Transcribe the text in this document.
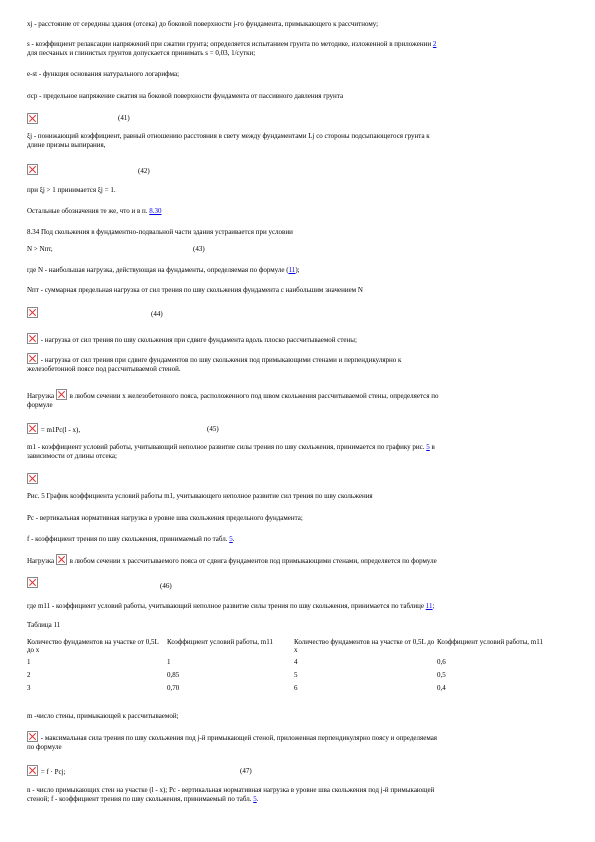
xj - расстояние от середины здания (отсека) до боковой поверхности j-го фундамента, примыкающего к рассчитному;

s - коэффициент релаксации напряжений при сжатии грунта; определяется испытанием грунта по методике, изложенной в приложении 2
для песчаных и глинистых грунтов допускается принимать s = 0,03, 1/сутки;

e-st - функция основания натурального логарифма;

σср - предельное напряжение сжатия на боковой поверхности фундамента от пассивного давления грунта

(41)

ξj - понижающий коэффициент, равный отношению расстояния в свету между фундаментами Lj со стороны подсыпающегося грунта к
длине призмы выпирания,

(42)

при ξj > 1 принимается ξj = 1.

Остальные обозначения те же, что и в п. 8.30

8.34 Под скольжения в фундаментно-подвальной части здания устраивается при условии

N > Nпт,	(43)

где N - наибольшая нагрузка, действующая на фундаменты, определяемая по формуле (11);

Nпт - суммарная предельная нагрузка от сил трения по шву скольжения фундамента с наибольшим значением N

(44)

- нагрузка от сил трения по шву скольжения при сдвиге фундамента вдоль плоско рассчитываемой стены;

- нагрузка от сил трения при сдвиге фундаментов по шву скольжения под примыкающими стенами и перпендикулярно к
железобетонной поясе под рассчитываемой стеной.

Нагрузка  в любом сечении x железобетонного пояса, расположенного под швом скольжения рассчитываемой стены, определяется по
формуле

= m1Pc(l - x),	(45)

m1 - коэффициент условий работы, учитывающий неполное развитие силы трения по шву скольжения, принимается по графику рис. 5 в
зависимости от длины отсека;

Рис. 5 График коэффициента условий работы m1, учитывающего неполное развитие сил трения по шву скольжения

Pc - вертикальная нормативная нагрузка в уровне шва скольжения предельного фундамента;

f - коэффициент трения по шву скольжения, принимаемый по табл. 5.

Нагрузка  в любом сечении x рассчитываемого пояса от сдвига фундаментов под примыкающими стенами, определяется по формуле

(46)

где m11 - коэффициент условий работы, учитывающий неполное развитие силы трения по шву скольжения, принимается по таблице 11;

Таблица 11

Количество фундаментов на участке от 0,5L до x	Коэффициент условий работы, m11	Количество фундаментов на участке от 0,5L до x	Коэффициент условий работы, m11
1	1	4	0,6
2	0,85	5	0,5
3	0,70	6	0,4

m -число стены, примыкающей к рассчитываемой;

- максимальная сила трения по шву скольжения под j-й примыкающей стеной, приложенная перпендикулярно поясу и определяемая
по формуле

= f · Pcj;	(47)

n - число примыкающих стен на участке (l - x); Pc - вертикальная нормативная нагрузка в уровне шва скольжения под j-й примыкающей
стеной; f - коэффициент трения по шву скольжения, принимаемый по табл. 5.
